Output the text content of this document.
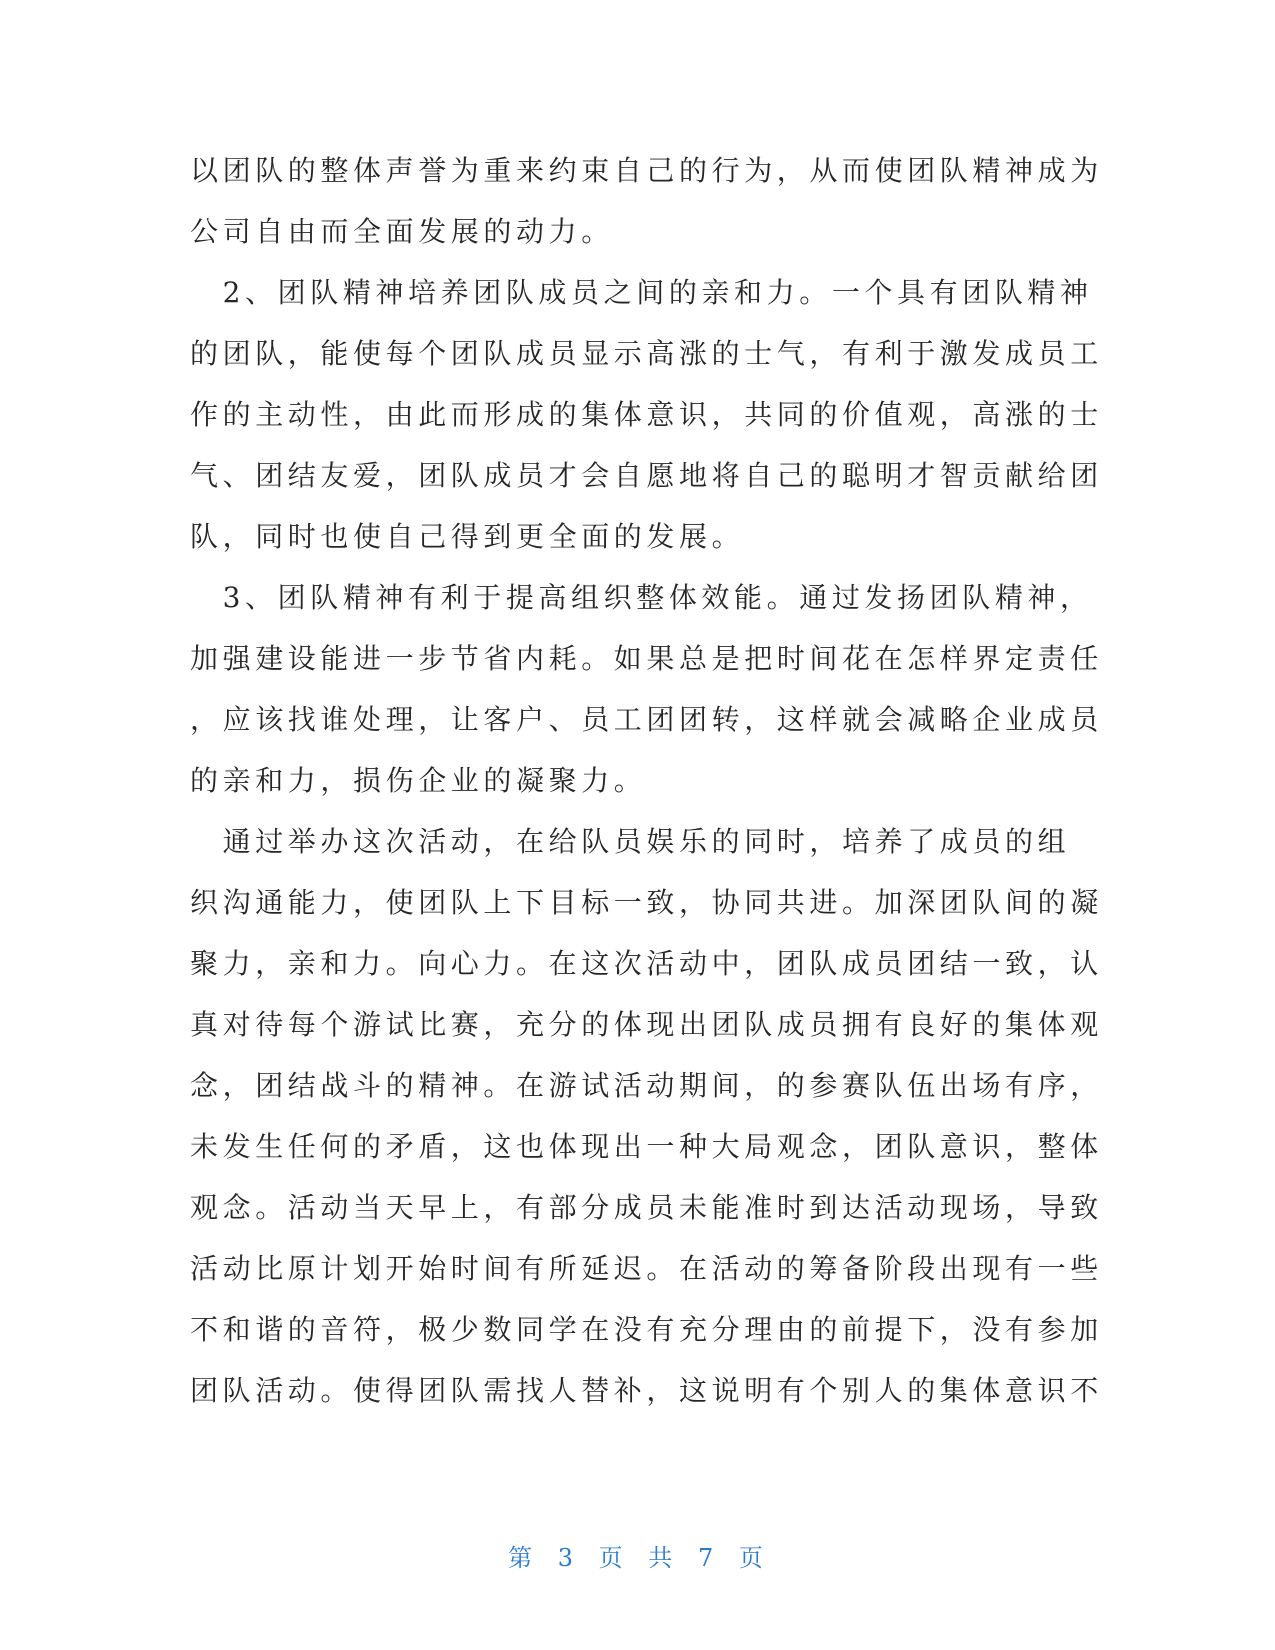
以团队的整体声誉为重来约束自己的行为，从而使团队精神成为
公司自由而全面发展的动力。
　2、团队精神培养团队成员之间的亲和力。一个具有团队精神
的团队，能使每个团队成员显示高涨的士气，有利于激发成员工
作的主动性，由此而形成的集体意识，共同的价值观，高涨的士
气、团结友爱，团队成员才会自愿地将自己的聪明才智贡献给团
队，同时也使自己得到更全面的发展。
　3、团队精神有利于提高组织整体效能。通过发扬团队精神，
加强建设能进一步节省内耗。如果总是把时间花在怎样界定责任
，应该找谁处理，让客户、员工团团转，这样就会减略企业成员
的亲和力，损伤企业的凝聚力。
　通过举办这次活动，在给队员娱乐的同时，培养了成员的组
织沟通能力，使团队上下目标一致，协同共进。加深团队间的凝
聚力，亲和力。向心力。在这次活动中，团队成员团结一致，认
真对待每个游试比赛，充分的体现出团队成员拥有良好的集体观
念，团结战斗的精神。在游试活动期间，的参赛队伍出场有序，
未发生任何的矛盾，这也体现出一种大局观念，团队意识，整体
观念。活动当天早上，有部分成员未能准时到达活动现场，导致
活动比原计划开始时间有所延迟。在活动的筹备阶段出现有一些
不和谐的音符，极少数同学在没有充分理由的前提下，没有参加
团队活动。使得团队需找人替补，这说明有个别人的集体意识不
第 3 页 共 7 页
